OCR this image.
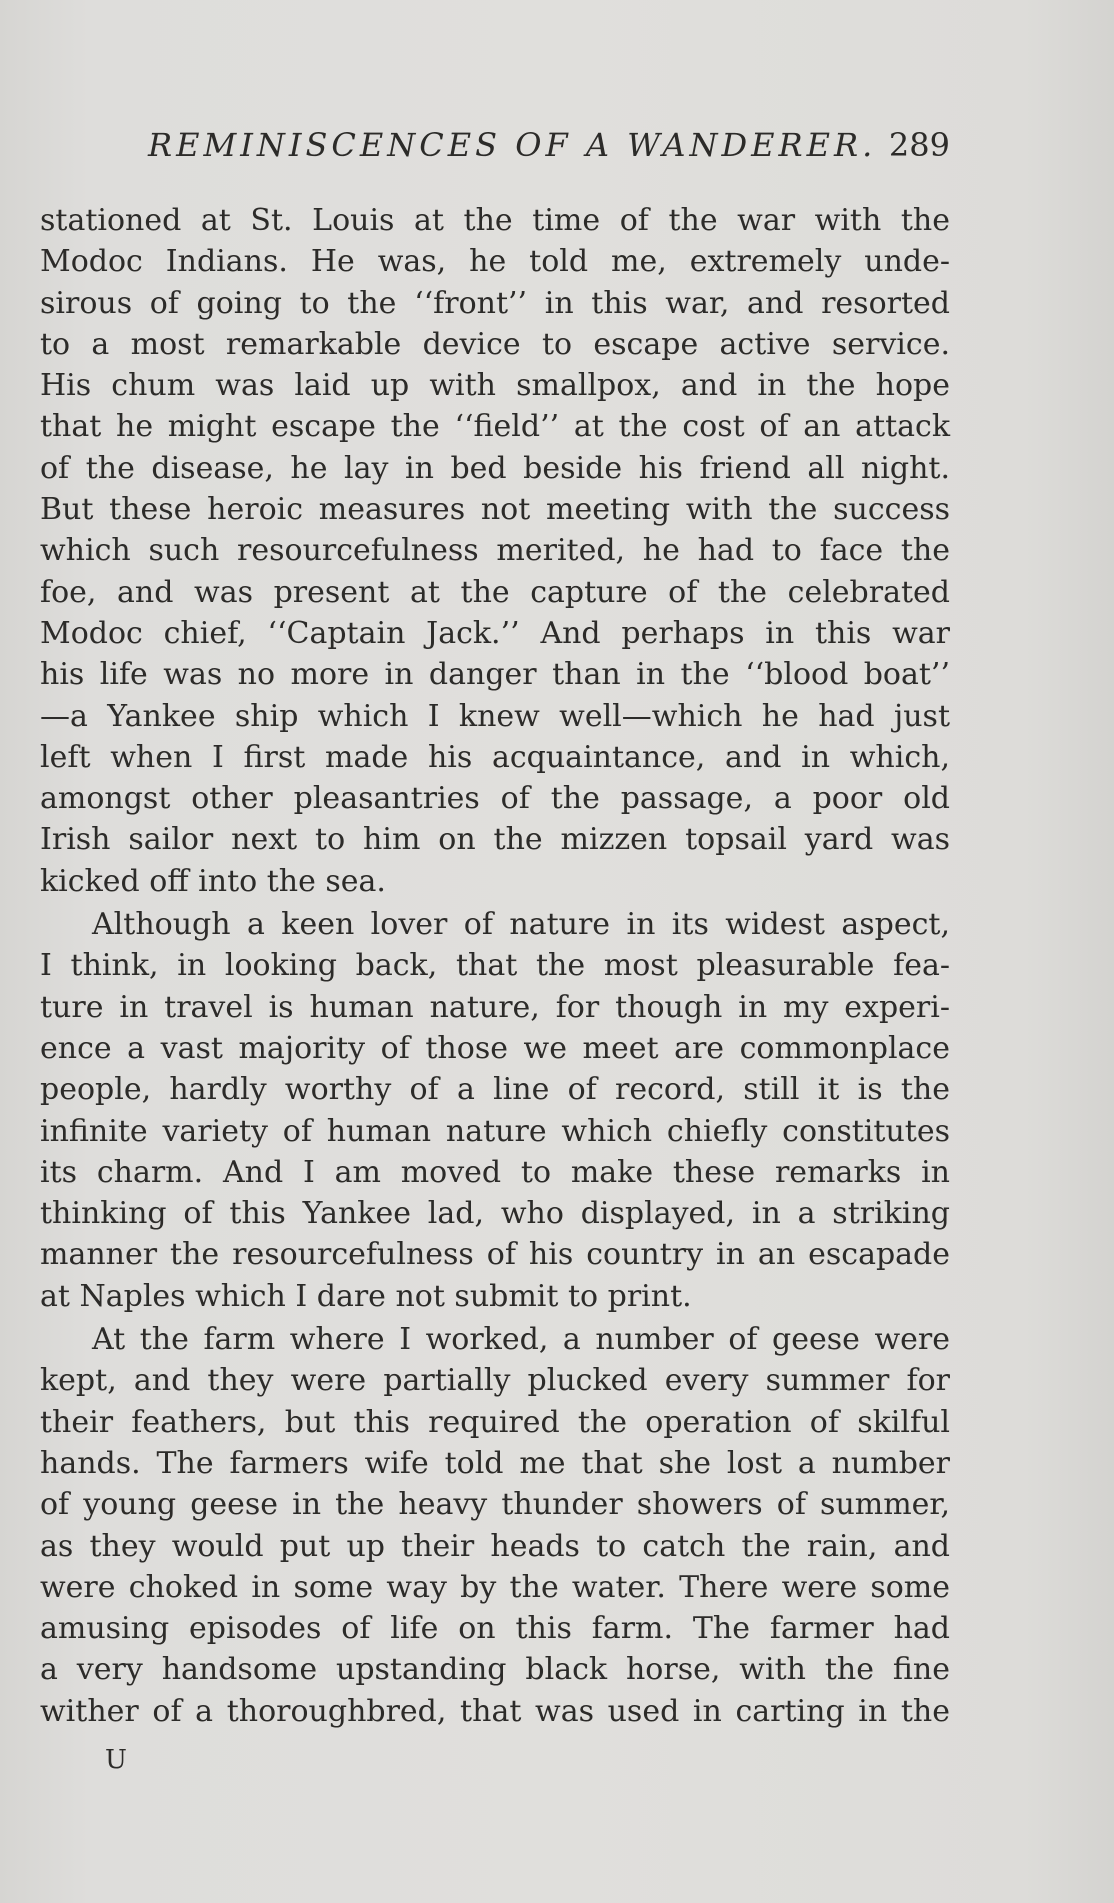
REMINISCENCES OF A WANDERER. 289

stationed at St. Louis at the time of the war with the
Modoc Indians. He was, he told me, extremely unde-
sirous of going to the ‘‘front’’ in this war, and resorted
to a most remarkable device to escape active service.
His chum was laid up with smallpox, and in the hope
that he might escape the ‘‘field’’ at the cost of an attack
of the disease, he lay in bed beside his friend all night.
But these heroic measures not meeting with the success
which such resourcefulness merited, he had to face the
foe, and was present at the capture of the celebrated
Modoc chief, ‘‘Captain Jack.’’ And perhaps in this war
his life was no more in danger than in the ‘‘blood boat’’
—a Yankee ship which I knew well—which he had just
left when I first made his acquaintance, and in which,
amongst other pleasantries of the passage, a poor old
Irish sailor next to him on the mizzen topsail yard was
kicked off into the sea.

Although a keen lover of nature in its widest aspect,
I think, in looking back, that the most pleasurable fea-
ture in travel is human nature, for though in my experi-
ence a vast majority of those we meet are commonplace
people, hardly worthy of a line of record, still it is the
infinite variety of human nature which chiefly constitutes
its charm. And I am moved to make these remarks in
thinking of this Yankee lad, who displayed, in a striking
manner the resourcefulness of his country in an escapade
at Naples which I dare not submit to print.

At the farm where I worked, a number of geese were
kept, and they were partially plucked every summer for
their feathers, but this required the operation of skilful
hands. The farmers wife told me that she lost a number
of young geese in the heavy thunder showers of summer,
as they would put up their heads to catch the rain, and
were choked in some way by the water. There were some
amusing episodes of life on this farm. The farmer had
a very handsome upstanding black horse, with the fine
wither of a thoroughbred, that was used in carting in the

U
